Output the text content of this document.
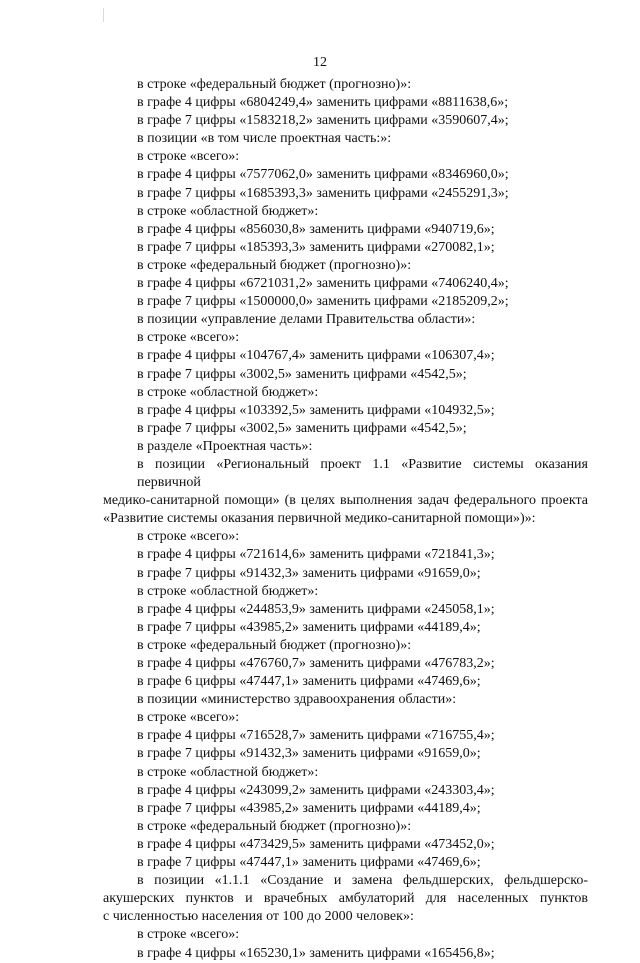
12
в строке «федеральный бюджет (прогнозно)»:
в графе 4 цифры «6804249,4» заменить цифрами «8811638,6»;
в графе 7 цифры «1583218,2» заменить цифрами «3590607,4»;
в позиции «в том числе проектная часть:»:
в строке «всего»:
в графе 4 цифры «7577062,0» заменить цифрами «8346960,0»;
в графе 7 цифры «1685393,3» заменить цифрами «2455291,3»;
в строке «областной бюджет»:
в графе 4 цифры «856030,8» заменить цифрами «940719,6»;
в графе 7 цифры «185393,3» заменить цифрами «270082,1»;
в строке «федеральный бюджет (прогнозно)»:
в графе 4 цифры «6721031,2» заменить цифрами «7406240,4»;
в графе 7 цифры «1500000,0» заменить цифрами «2185209,2»;
в позиции «управление делами Правительства области»:
в строке «всего»:
в графе 4 цифры «104767,4» заменить цифрами «106307,4»;
в графе 7 цифры «3002,5» заменить цифрами «4542,5»;
в строке «областной бюджет»:
в графе 4 цифры «103392,5» заменить цифрами «104932,5»;
в графе 7 цифры «3002,5» заменить цифрами «4542,5»;
в разделе «Проектная часть»:
в позиции «Региональный проект 1.1 «Развитие системы оказания первичной
медико-санитарной помощи» (в целях выполнения задач федерального проекта
«Развитие системы оказания первичной медико-санитарной помощи»)»:
в строке «всего»:
в графе 4 цифры «721614,6» заменить цифрами «721841,3»;
в графе 7 цифры «91432,3» заменить цифрами «91659,0»;
в строке «областной бюджет»:
в графе 4 цифры «244853,9» заменить цифрами «245058,1»;
в графе 7 цифры «43985,2» заменить цифрами «44189,4»;
в строке «федеральный бюджет (прогнозно)»:
в графе 4 цифры «476760,7» заменить цифрами «476783,2»;
в графе 6 цифры «47447,1» заменить цифрами «47469,6»;
в позиции «министерство здравоохранения области»:
в строке «всего»:
в графе 4 цифры «716528,7» заменить цифрами «716755,4»;
в графе 7 цифры «91432,3» заменить цифрами «91659,0»;
в строке «областной бюджет»:
в графе 4 цифры «243099,2» заменить цифрами «243303,4»;
в графе 7 цифры «43985,2» заменить цифрами «44189,4»;
в строке «федеральный бюджет (прогнозно)»:
в графе 4 цифры «473429,5» заменить цифрами «473452,0»;
в графе 7 цифры «47447,1» заменить цифрами «47469,6»;
в позиции «1.1.1 «Создание и замена фельдшерских, фельдшерско-
акушерских пунктов и врачебных амбулаторий для населенных пунктов
с численностью населения от 100 до 2000 человек»:
в строке «всего»:
в графе 4 цифры «165230,1» заменить цифрами «165456,8»;
